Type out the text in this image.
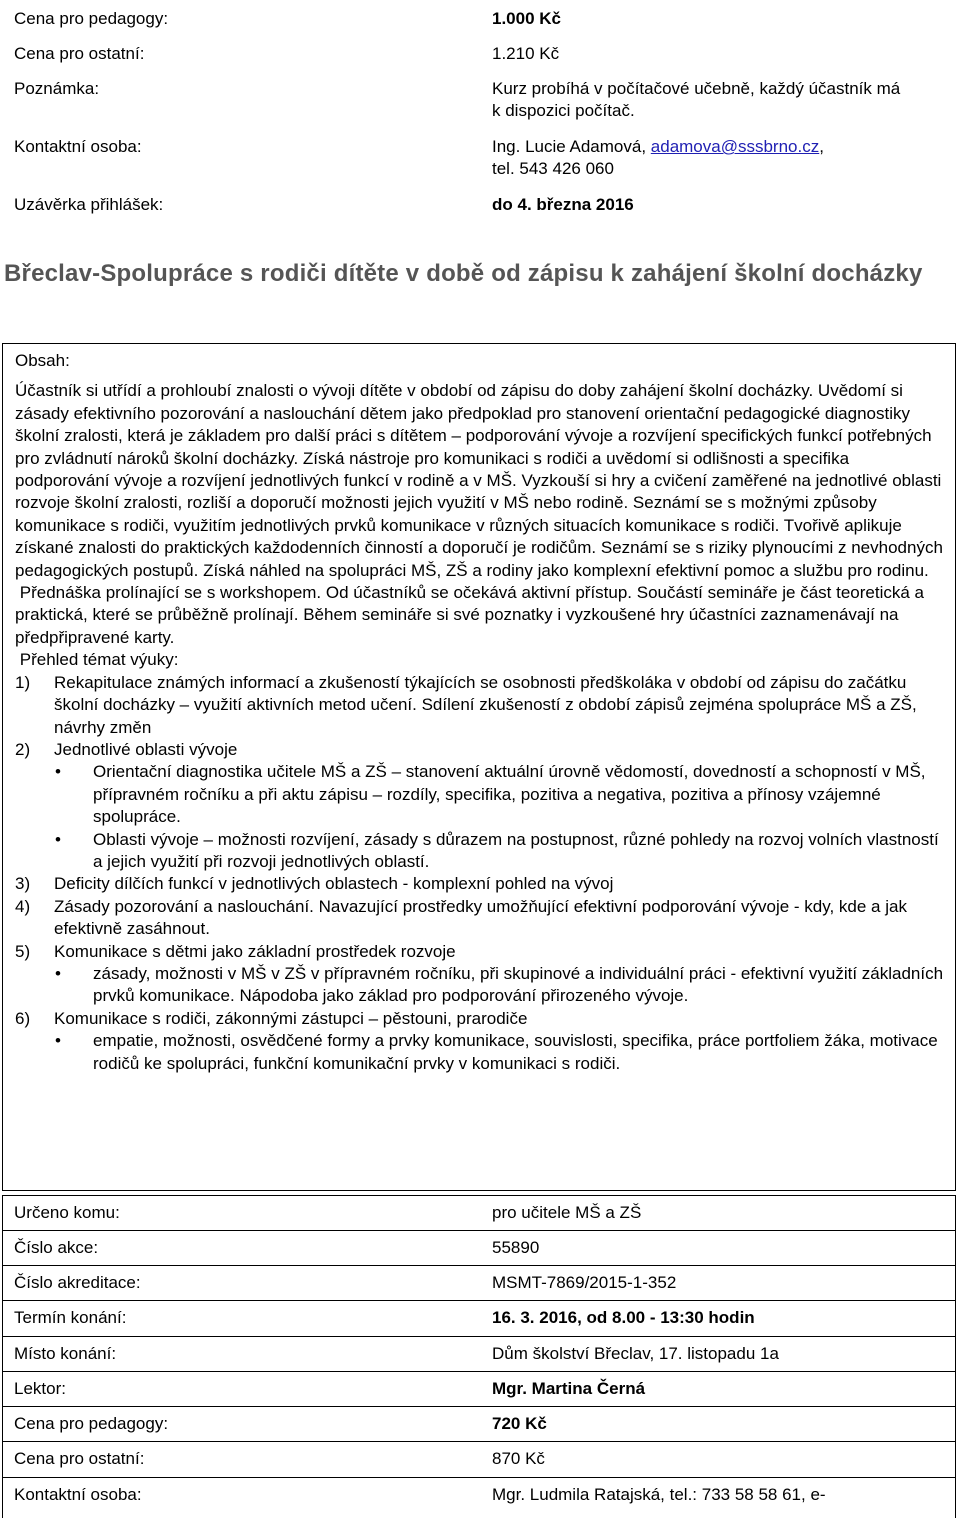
Cena pro pedagogy:	1.000 Kč
Cena pro ostatní:	1.210 Kč
Poznámka:	Kurz probíhá v počítačové učebně, každý účastník má k dispozici počítač.
Kontaktní osoba:	Ing. Lucie Adamová, adamova@sssbrno.cz,
tel. 543 426 060
Uzávěrka přihlášek:	do 4. března 2016
Břeclav-Spolupráce s rodiči dítěte v době od zápisu k zahájení školní docházky
Obsah:
Účastník si utřídí a prohloubí znalosti o vývoji dítěte v období od zápisu do doby zahájení školní docházky. Uvědomí si zásady efektivního pozorování a naslouchání dětem jako předpoklad pro stanovení orientační pedagogické diagnostiky školní zralosti, která je základem pro další práci s dítětem – podporování vývoje a rozvíjení specifických funkcí potřebných pro zvládnutí nároků školní docházky. Získá nástroje pro komunikaci s rodiči a uvědomí si odlišnosti a specifika podporování vývoje a rozvíjení jednotlivých funkcí v rodině a v MŠ. Vyzkouší si hry a cvičení zaměřené na jednotlivé oblasti rozvoje školní zralosti, rozliší a doporučí možnosti jejich využití v MŠ nebo rodině. Seznámí se s možnými způsoby komunikace s rodiči, využitím jednotlivých prvků komunikace v různých situacích komunikace s rodiči. Tvořivě aplikuje získané znalosti do praktických každodenních činností a doporučí je rodičům. Seznámí se s riziky plynoucími z nevhodných pedagogických postupů. Získá náhled na spolupráci MŠ, ZŠ a rodiny jako komplexní efektivní pomoc a službu pro rodinu.
Přednáška prolínající se s workshopem. Od účastníků se očekává aktivní přístup. Součástí semináře je část teoretická a praktická, které se průběžně prolínají. Během semináře si své poznatky i vyzkoušené hry účastníci zaznamenávají na předpřipravené karty.
Přehled témat výuky:
1) Rekapitulace známých informací a zkušeností týkajících se osobnosti předškoláka v období od zápisu do začátku školní docházky – využití aktivních metod učení. Sdílení zkušeností z období zápisů zejména spolupráce MŠ a ZŠ, návrhy změn
2) Jednotlivé oblasti vývoje
• Orientační diagnostika učitele MŠ a ZŠ – stanovení aktuální úrovně vědomostí, dovedností a schopností v MŠ, přípravném ročníku a při aktu zápisu – rozdíly, specifika, pozitiva a negativa, pozitiva a přínosy vzájemné spolupráce.
• Oblasti vývoje – možnosti rozvíjení, zásady s důrazem na postupnost, různé pohledy na rozvoj volních vlastností a jejich využití při rozvoji jednotlivých oblastí.
3) Deficity dílčích funkcí v jednotlivých oblastech - komplexní pohled na vývoj
4) Zásady pozorování a naslouchání. Navazující prostředky umožňující efektivní podporování vývoje - kdy, kde a jak efektivně zasáhnout.
5) Komunikace s dětmi jako základní prostředek rozvoje
• zásady, možnosti v MŠ v ZŠ v přípravném ročníku, při skupinové a individuální práci - efektivní využití základních prvků komunikace. Nápodoba jako základ pro podporování přirozeného vývoje.
6) Komunikace s rodiči, zákonnými zástupci – pěstouni, prarodiče
• empatie, možnosti, osvědčené formy a prvky komunikace, souvislosti, specifika, práce portfoliem žáka, motivace rodičů ke spolupráci, funkční komunikační prvky v komunikaci s rodiči.
Určeno komu:	pro učitele MŠ a ZŠ
Číslo akce:	55890
Číslo akreditace:	MSMT-7869/2015-1-352
Termín konání:	16. 3. 2016, od 8.00 - 13:30 hodin
Místo konání:	Dům školství Břeclav, 17. listopadu 1a
Lektor:	Mgr. Martina Černá
Cena pro pedagogy:	720 Kč
Cena pro ostatní:	870 Kč
Kontaktní osoba:	Mgr. Ludmila Ratajská, tel.: 733 58 58 61, e-
